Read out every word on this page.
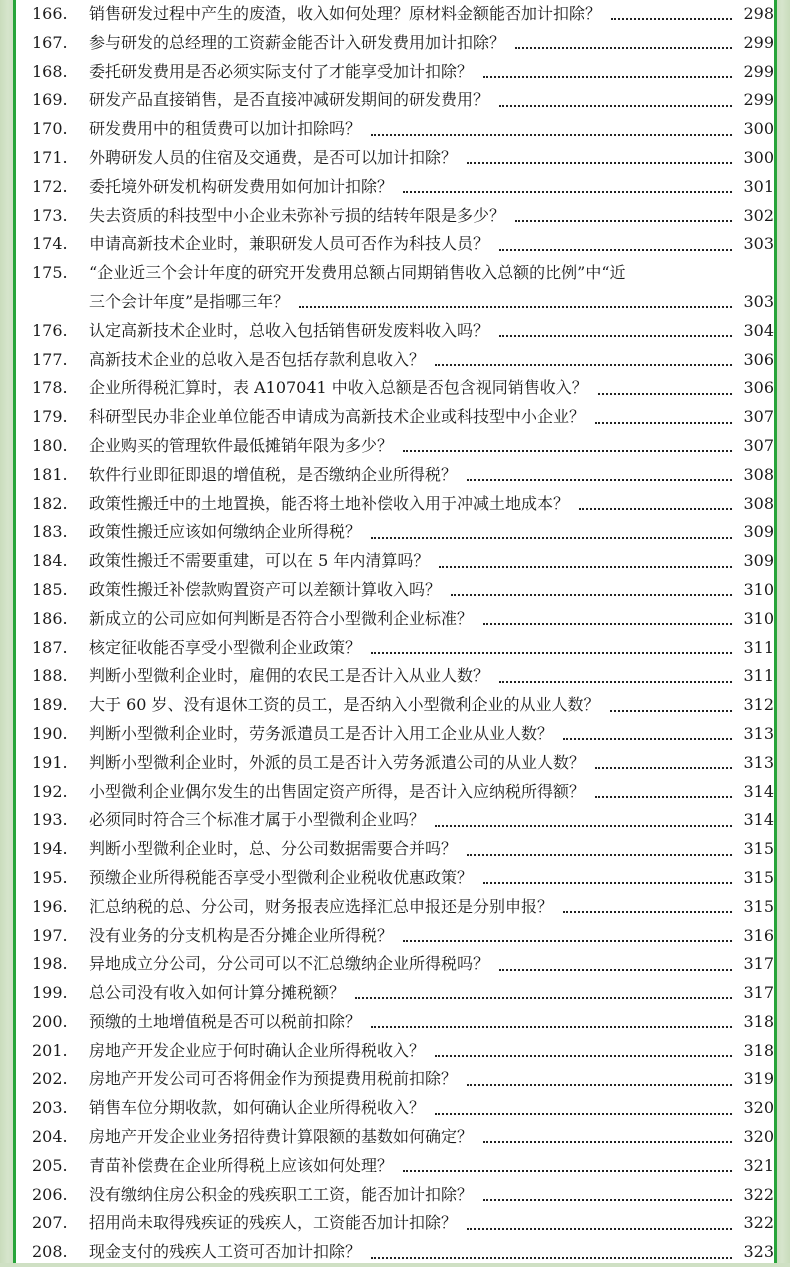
166.	销售研发过程中产生的废渣，收入如何处理？原材料金额能否加计扣除？	298
167.	参与研发的总经理的工资薪金能否计入研发费用加计扣除？	299
168.	委托研发费用是否必须实际支付了才能享受加计扣除？	299
169.	研发产品直接销售，是否直接冲减研发期间的研发费用？	299
170.	研发费用中的租赁费可以加计扣除吗？	300
171.	外聘研发人员的住宿及交通费，是否可以加计扣除？	300
172.	委托境外研发机构研发费用如何加计扣除？	301
173.	失去资质的科技型中小企业未弥补亏损的结转年限是多少？	302
174.	申请高新技术企业时，兼职研发人员可否作为科技人员？	303
175.	“企业近三个会计年度的研究开发费用总额占同期销售收入总额的比例”中“近
三个会计年度”是指哪三年？	303
176.	认定高新技术企业时，总收入包括销售研发废料收入吗？	304
177.	高新技术企业的总收入是否包括存款利息收入？	306
178.	企业所得税汇算时，表 A107041 中收入总额是否包含视同销售收入？	306
179.	科研型民办非企业单位能否申请成为高新技术企业或科技型中小企业？	307
180.	企业购买的管理软件最低摊销年限为多少？	307
181.	软件行业即征即退的增值税，是否缴纳企业所得税？	308
182.	政策性搬迁中的土地置换，能否将土地补偿收入用于冲减土地成本？	308
183.	政策性搬迁应该如何缴纳企业所得税？	309
184.	政策性搬迁不需要重建，可以在 5 年内清算吗？	309
185.	政策性搬迁补偿款购置资产可以差额计算收入吗？	310
186.	新成立的公司应如何判断是否符合小型微利企业标准？	310
187.	核定征收能否享受小型微利企业政策？	311
188.	判断小型微利企业时，雇佣的农民工是否计入从业人数？	311
189.	大于 60 岁、没有退休工资的员工，是否纳入小型微利企业的从业人数？	312
190.	判断小型微利企业时，劳务派遣员工是否计入用工企业从业人数？	313
191.	判断小型微利企业时，外派的员工是否计入劳务派遣公司的从业人数？	313
192.	小型微利企业偶尔发生的出售固定资产所得，是否计入应纳税所得额？	314
193.	必须同时符合三个标准才属于小型微利企业吗？	314
194.	判断小型微利企业时，总、分公司数据需要合并吗？	315
195.	预缴企业所得税能否享受小型微利企业税收优惠政策？	315
196.	汇总纳税的总、分公司，财务报表应选择汇总申报还是分别申报？	315
197.	没有业务的分支机构是否分摊企业所得税？	316
198.	异地成立分公司，分公司可以不汇总缴纳企业所得税吗？	317
199.	总公司没有收入如何计算分摊税额？	317
200.	预缴的土地增值税是否可以税前扣除？	318
201.	房地产开发企业应于何时确认企业所得税收入？	318
202.	房地产开发公司可否将佣金作为预提费用税前扣除？	319
203.	销售车位分期收款，如何确认企业所得税收入？	320
204.	房地产开发企业业务招待费计算限额的基数如何确定？	320
205.	青苗补偿费在企业所得税上应该如何处理？	321
206.	没有缴纳住房公积金的残疾职工工资，能否加计扣除？	322
207.	招用尚未取得残疾证的残疾人，工资能否加计扣除？	322
208.	现金支付的残疾人工资可否加计扣除？	323
